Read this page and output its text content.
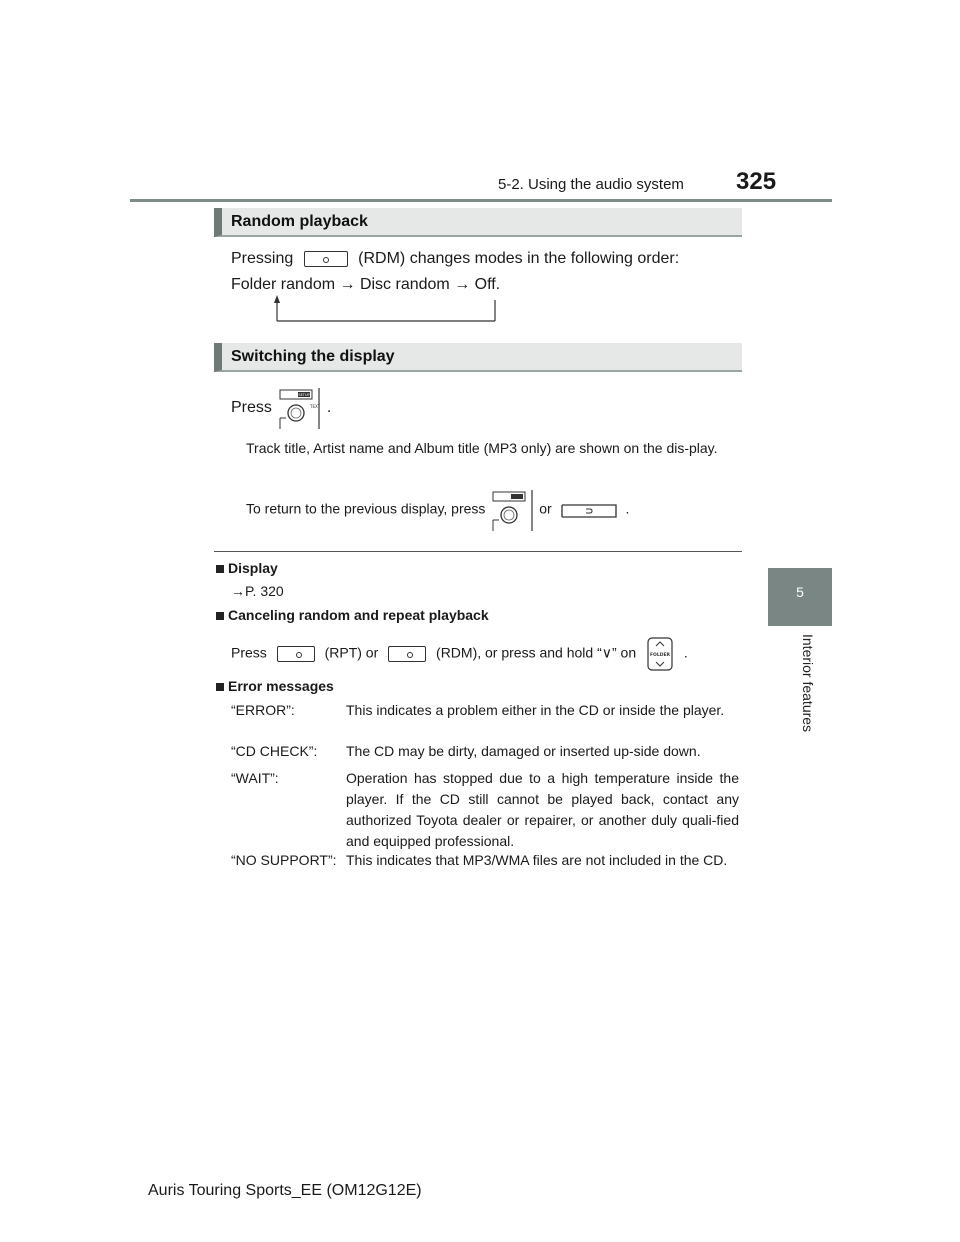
5-2. Using the audio system 325
5
Interior features
Random playback
Pressing	(RDM) changes modes in the following order:
Folder random → Disc random → Off.
Switching the display
Press
SETUP
TEXT .
Track title, Artist name and Album title (MP3 only) are shown on the dis-play.
To return to the previous display, press	or	.
Display
→P. 320
Canceling random and repeat playback
Press	(RPT) or	(RDM), or press and hold “∨” on	FOLDER .
Error messages
“ERROR”:	This indicates a problem either in the CD or inside the player.
“CD CHECK”: The CD may be dirty, damaged or inserted up-side down.
“WAIT”:	Operation has stopped due to a high temperature inside the player. If the CD still cannot be played back, contact any authorized Toyota dealer or repairer, or another duly quali-fied and equipped professional.
“NO SUPPORT”: This indicates that MP3/WMA files are not included in the CD.
Auris Touring Sports_EE (OM12G12E)
